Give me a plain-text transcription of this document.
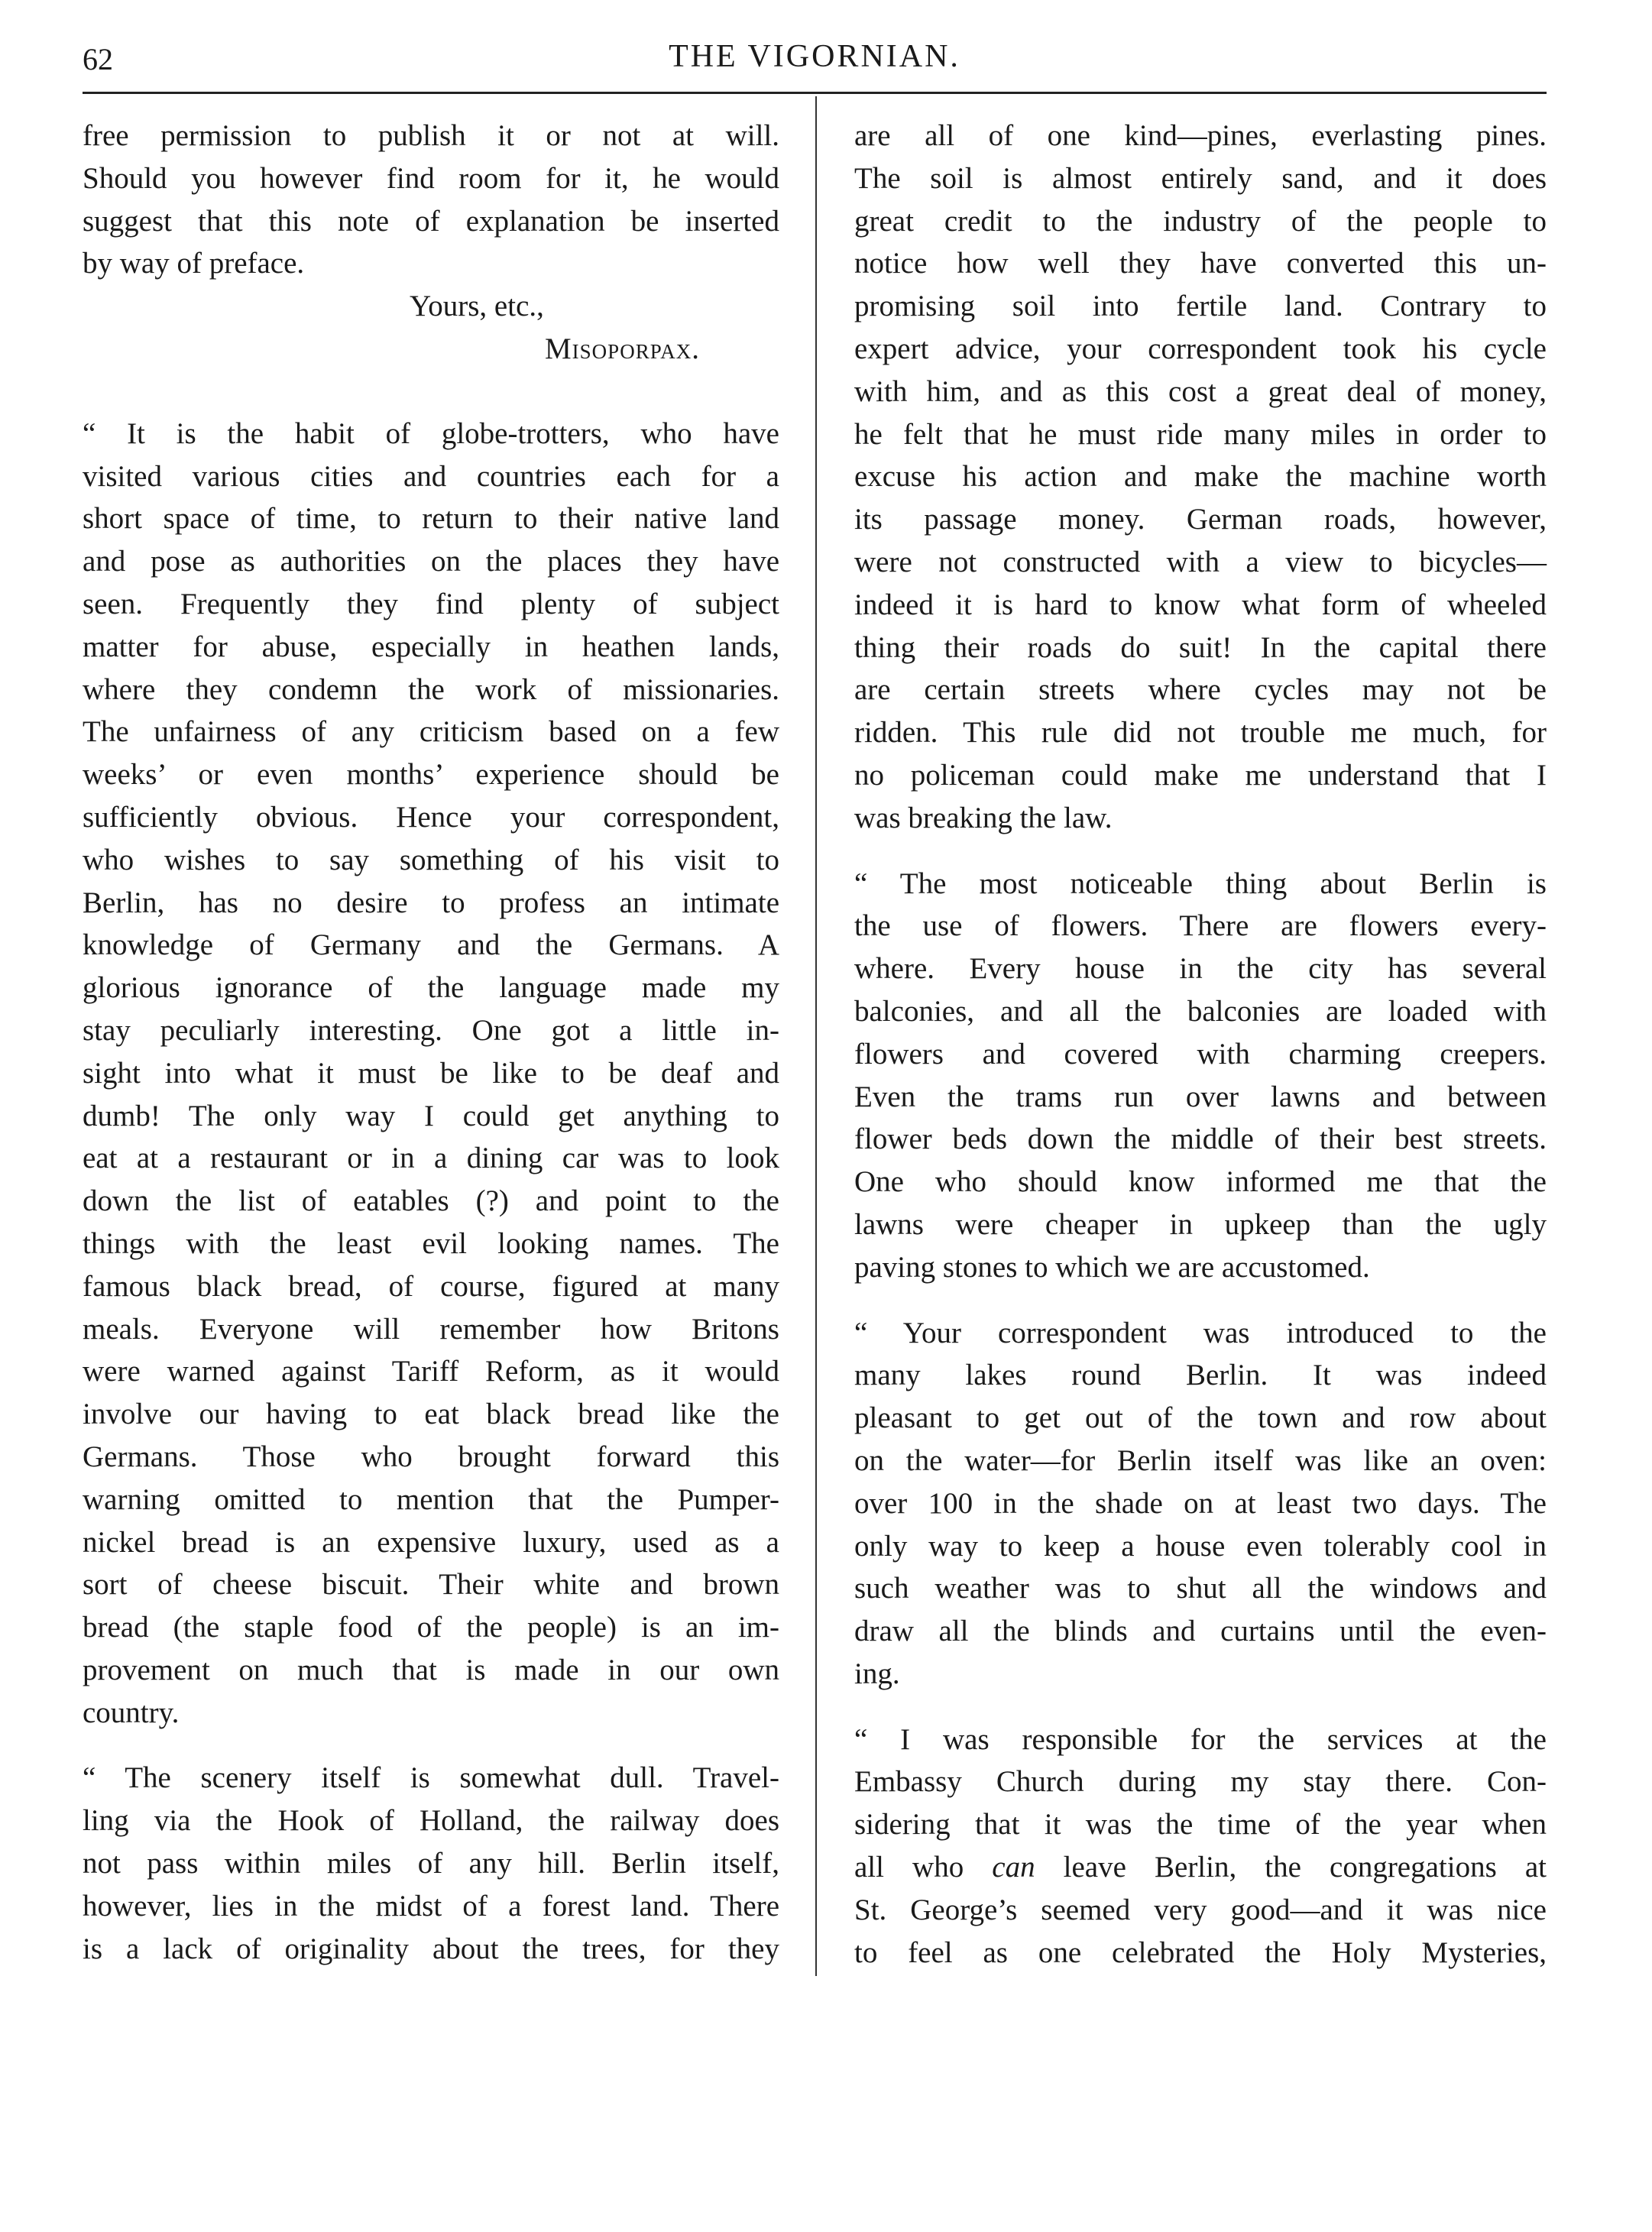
62	THE VIGORNIAN.
free permission to publish it or not at will.
Should you however find room for it, he would
suggest that this note of explanation be inserted
by way of preface.
Yours, etc.,
Misoporpax.
“ It is the habit of globe-trotters, who have
visited various cities and countries each for a
short space of time, to return to their native land
and pose as authorities on the places they have
seen. Frequently they find plenty of subject
matter for abuse, especially in heathen lands,
where they condemn the work of missionaries.
The unfairness of any criticism based on a few
weeks’ or even months’ experience should be
sufficiently obvious. Hence your correspondent,
who wishes to say something of his visit to
Berlin, has no desire to profess an intimate
knowledge of Germany and the Germans. A
glorious ignorance of the language made my
stay peculiarly interesting. One got a little in-
sight into what it must be like to be deaf and
dumb! The only way I could get anything to
eat at a restaurant or in a dining car was to look
down the list of eatables (?) and point to the
things with the least evil looking names. The
famous black bread, of course, figured at many
meals. Everyone will remember how Britons
were warned against Tariff Reform, as it would
involve our having to eat black bread like the
Germans. Those who brought forward this
warning omitted to mention that the Pumper-
nickel bread is an expensive luxury, used as a
sort of cheese biscuit. Their white and brown
bread (the staple food of the people) is an im-
provement on much that is made in our own
country.
“ The scenery itself is somewhat dull. Travel-
ling via the Hook of Holland, the railway does
not pass within miles of any hill. Berlin itself,
however, lies in the midst of a forest land. There
is a lack of originality about the trees, for they
are all of one kind—pines, everlasting pines.
The soil is almost entirely sand, and it does
great credit to the industry of the people to
notice how well they have converted this un-
promising soil into fertile land. Contrary to
expert advice, your correspondent took his cycle
with him, and as this cost a great deal of money,
he felt that he must ride many miles in order to
excuse his action and make the machine worth
its passage money. German roads, however,
were not constructed with a view to bicycles—
indeed it is hard to know what form of wheeled
thing their roads do suit! In the capital there
are certain streets where cycles may not be
ridden. This rule did not trouble me much, for
no policeman could make me understand that I
was breaking the law.
“ The most noticeable thing about Berlin is
the use of flowers. There are flowers every-
where. Every house in the city has several
balconies, and all the balconies are loaded with
flowers and covered with charming creepers.
Even the trams run over lawns and between
flower beds down the middle of their best streets.
One who should know informed me that the
lawns were cheaper in upkeep than the ugly
paving stones to which we are accustomed.
“ Your correspondent was introduced to the
many lakes round Berlin. It was indeed
pleasant to get out of the town and row about
on the water—for Berlin itself was like an oven:
over 100 in the shade on at least two days. The
only way to keep a house even tolerably cool in
such weather was to shut all the windows and
draw all the blinds and curtains until the even-
ing.
“ I was responsible for the services at the
Embassy Church during my stay there. Con-
sidering that it was the time of the year when
all who can leave Berlin, the congregations at
St. George’s seemed very good—and it was nice
to feel as one celebrated the Holy Mysteries,
